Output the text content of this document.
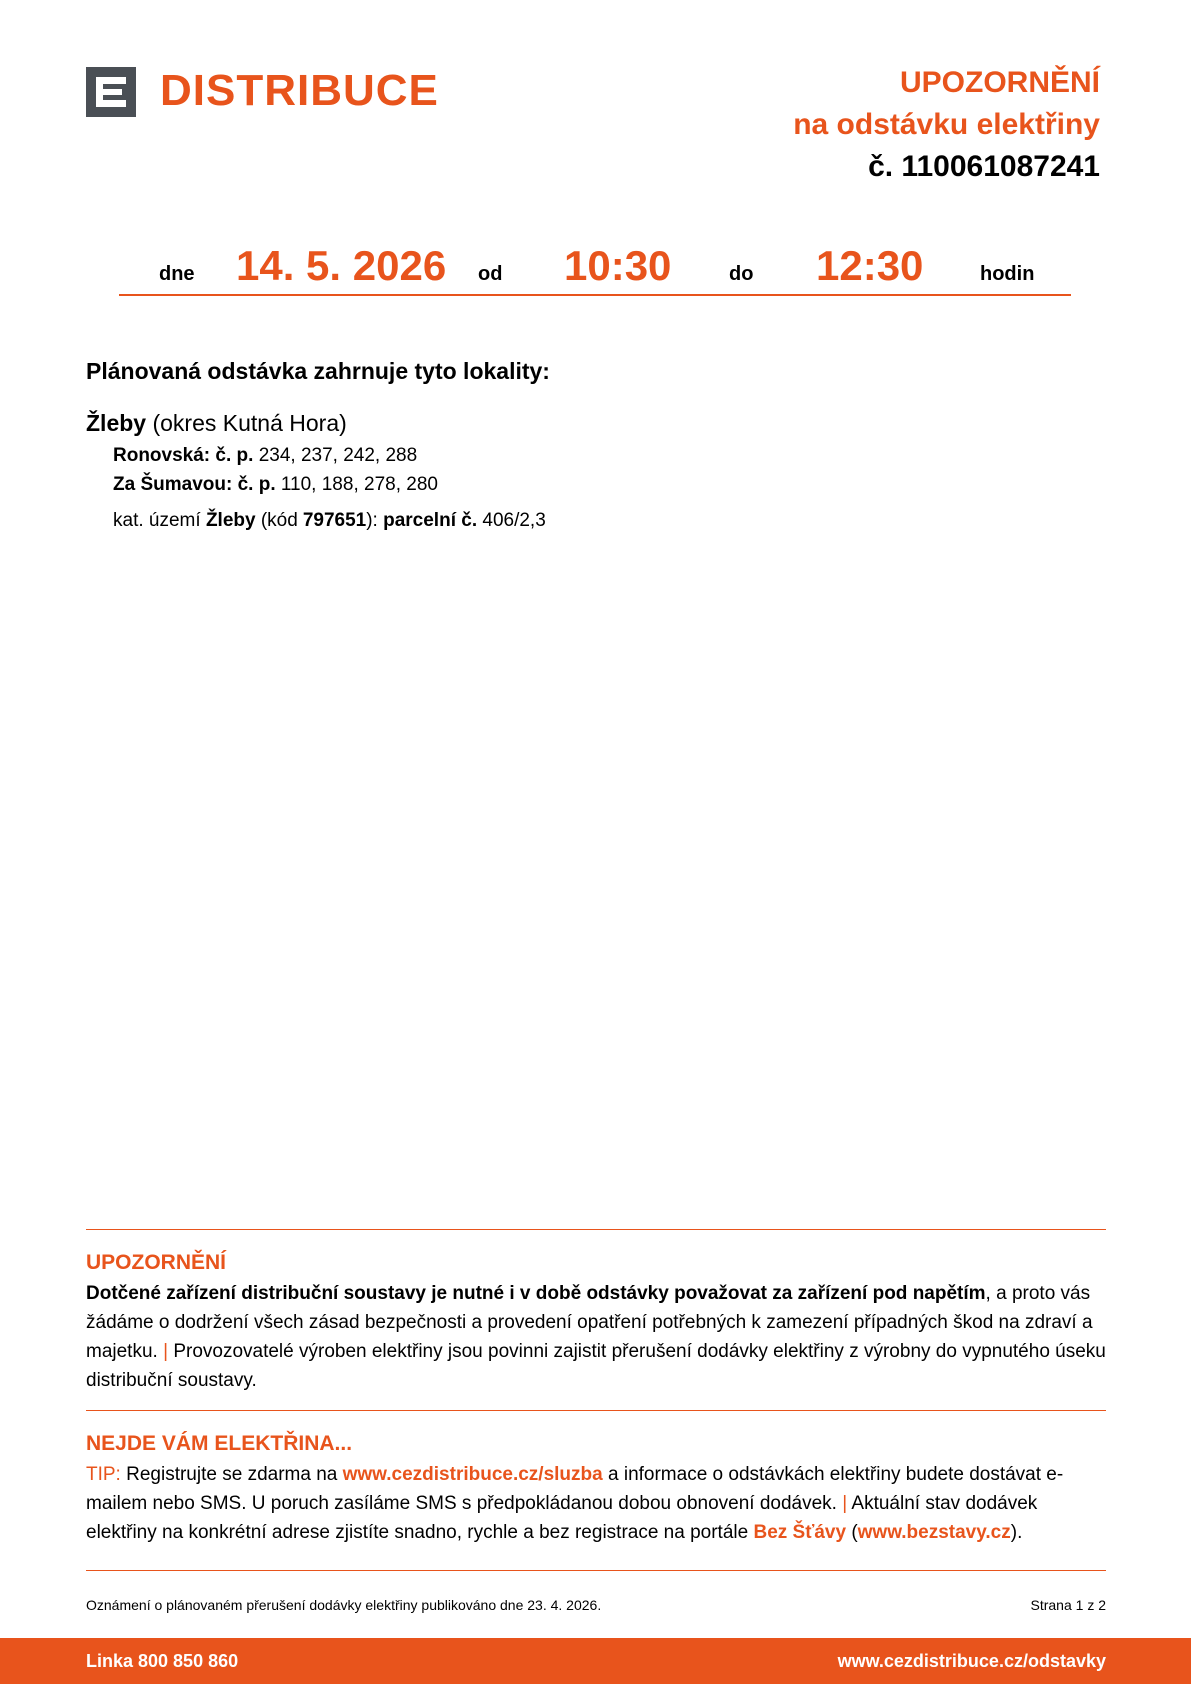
DISTRIBUCE	UPOZORNĚNÍ
na odstávku elektřiny
č. 110061087241
dne 14. 5. 2026 od 10:30	do 12:30	hodin
Plánovaná odstávka zahrnuje tyto lokality:
Žleby (okres Kutná Hora)
Ronovská: č. p. 234, 237, 242, 288
Za Šumavou: č. p. 110, 188, 278, 280
kat. území Žleby (kód 797651): parcelní č. 406/2,3
UPOZORNĚNÍ
Dotčené zařízení distribuční soustavy je nutné i v době odstávky považovat za zařízení pod napětím, a proto vás žádáme o dodržení všech zásad bezpečnosti a provedení opatření potřebných k zamezení případných škod na zdraví a majetku. | Provozovatelé výroben elektřiny jsou povinni zajistit přerušení dodávky elektřiny z výrobny do vypnutého úseku distribuční soustavy.
NEJDE VÁM ELEKTŘINA...
TIP: Registrujte se zdarma na www.cezdistribuce.cz/sluzba a informace o odstávkách elektřiny budete dostávat e-mailem nebo SMS. U poruch zasíláme SMS s předpokládanou dobou obnovení dodávek. | Aktuální stav dodávek elektřiny na konkrétní adrese zjistíte snadno, rychle a bez registrace na portále Bez Šťávy (www.bezstavy.cz).
Oznámení o plánovaném přerušení dodávky elektřiny publikováno dne 23. 4. 2026.	Strana 1 z 2
Linka 800 850 860	www.cezdistribuce.cz/odstavky
